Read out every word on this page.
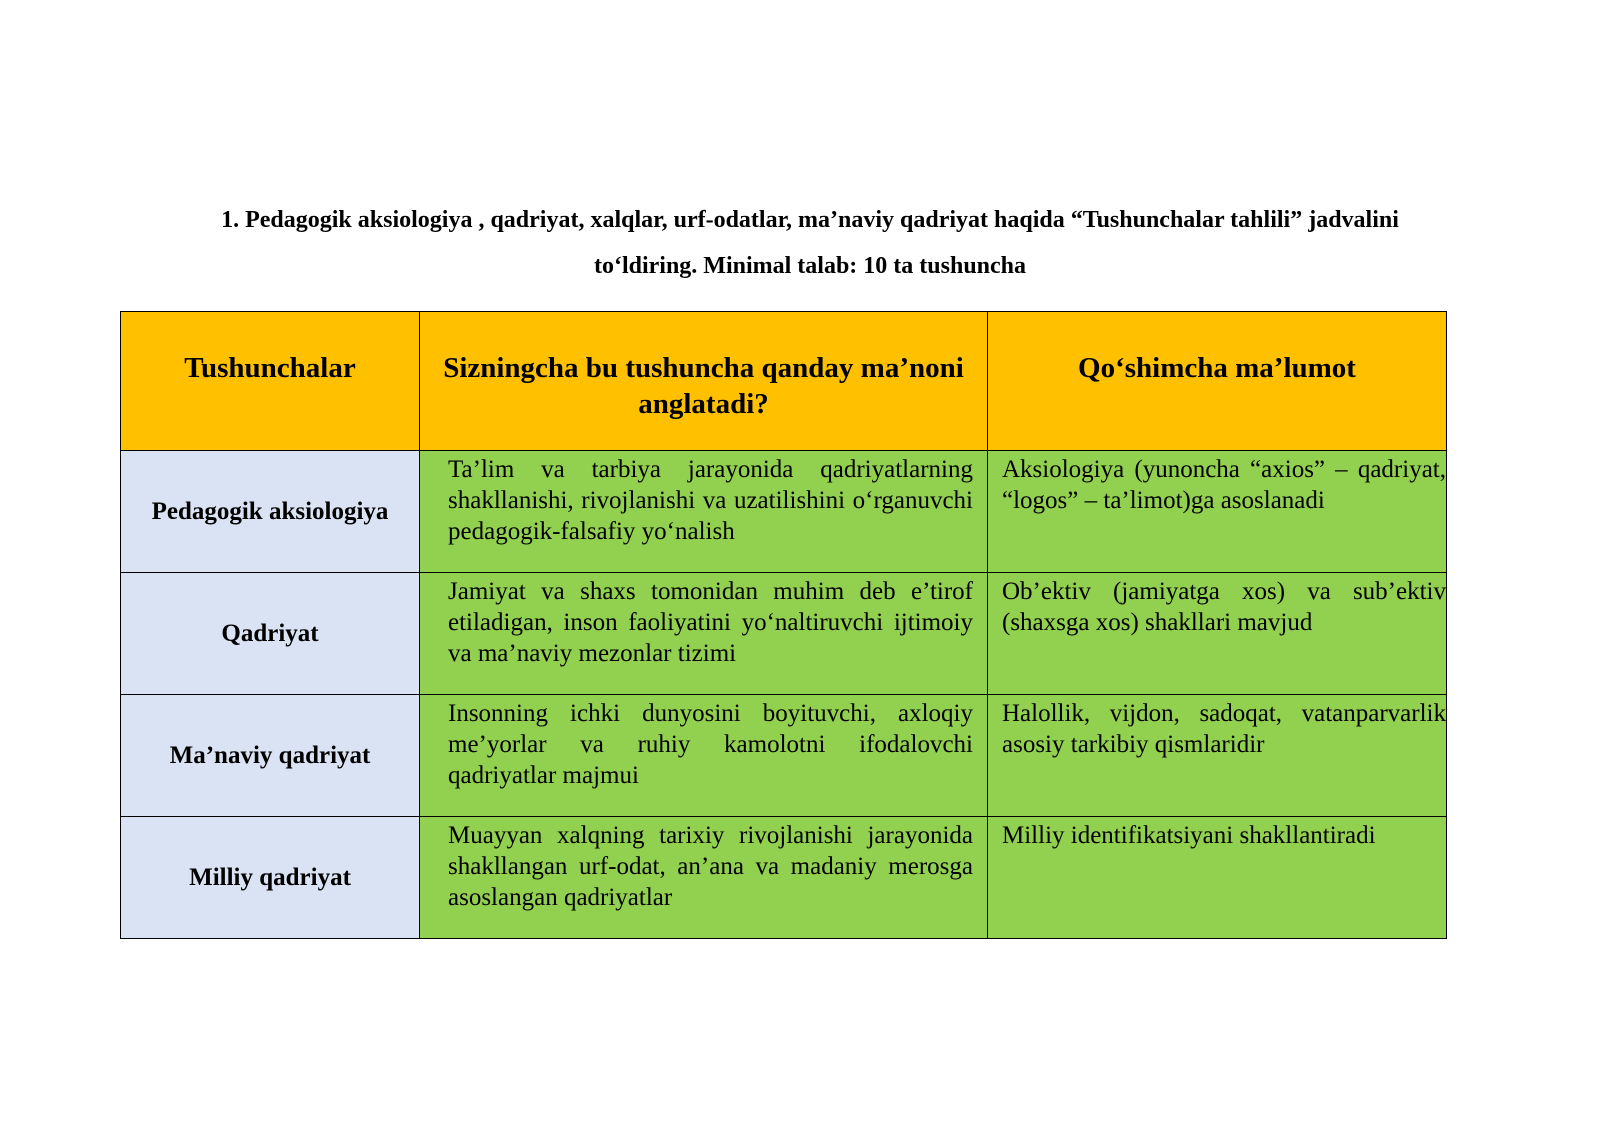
1. Pedagogik aksiologiya , qadriyat, xalqlar, urf-odatlar, ma’naviy qadriyat haqida “Tushunchalar tahlili” jadvalini
to‘ldiring. Minimal talab: 10 ta tushuncha
Tushunchalar	Sizningcha bu tushuncha qanday ma’noni anglatadi?	Qo‘shimcha ma’lumot

Pedagogik aksiologiya	Ta’lim va tarbiya jarayonida qadriyatlarning shakllanishi, rivojlanishi va uzatilishini o‘rganuvchi pedagogik-falsafiy yo‘nalish	Aksiologiya (yunoncha “axios” – qadriyat, “logos” – ta’limot)ga asoslanadi

Qadriyat	Jamiyat va shaxs tomonidan muhim deb e’tirof etiladigan, inson faoliyatini yo‘naltiruvchi ijtimoiy va ma’naviy mezonlar tizimi	Ob’ektiv (jamiyatga xos) va sub’ektiv (shaxsga xos) shakllari mavjud

Ma’naviy qadriyat	Insonning ichki dunyosini boyituvchi, axloqiy me’yorlar va ruhiy kamolotni ifodalovchi qadriyatlar majmui	Halollik, vijdon, sadoqat, vatanparvarlik asosiy tarkibiy qismlaridir

Milliy qadriyat	Muayyan xalqning tarixiy rivojlanishi jarayonida shakllangan urf-odat, an’ana va madaniy merosga asoslangan qadriyatlar	Milliy identifikatsiyani shakllantiradi
